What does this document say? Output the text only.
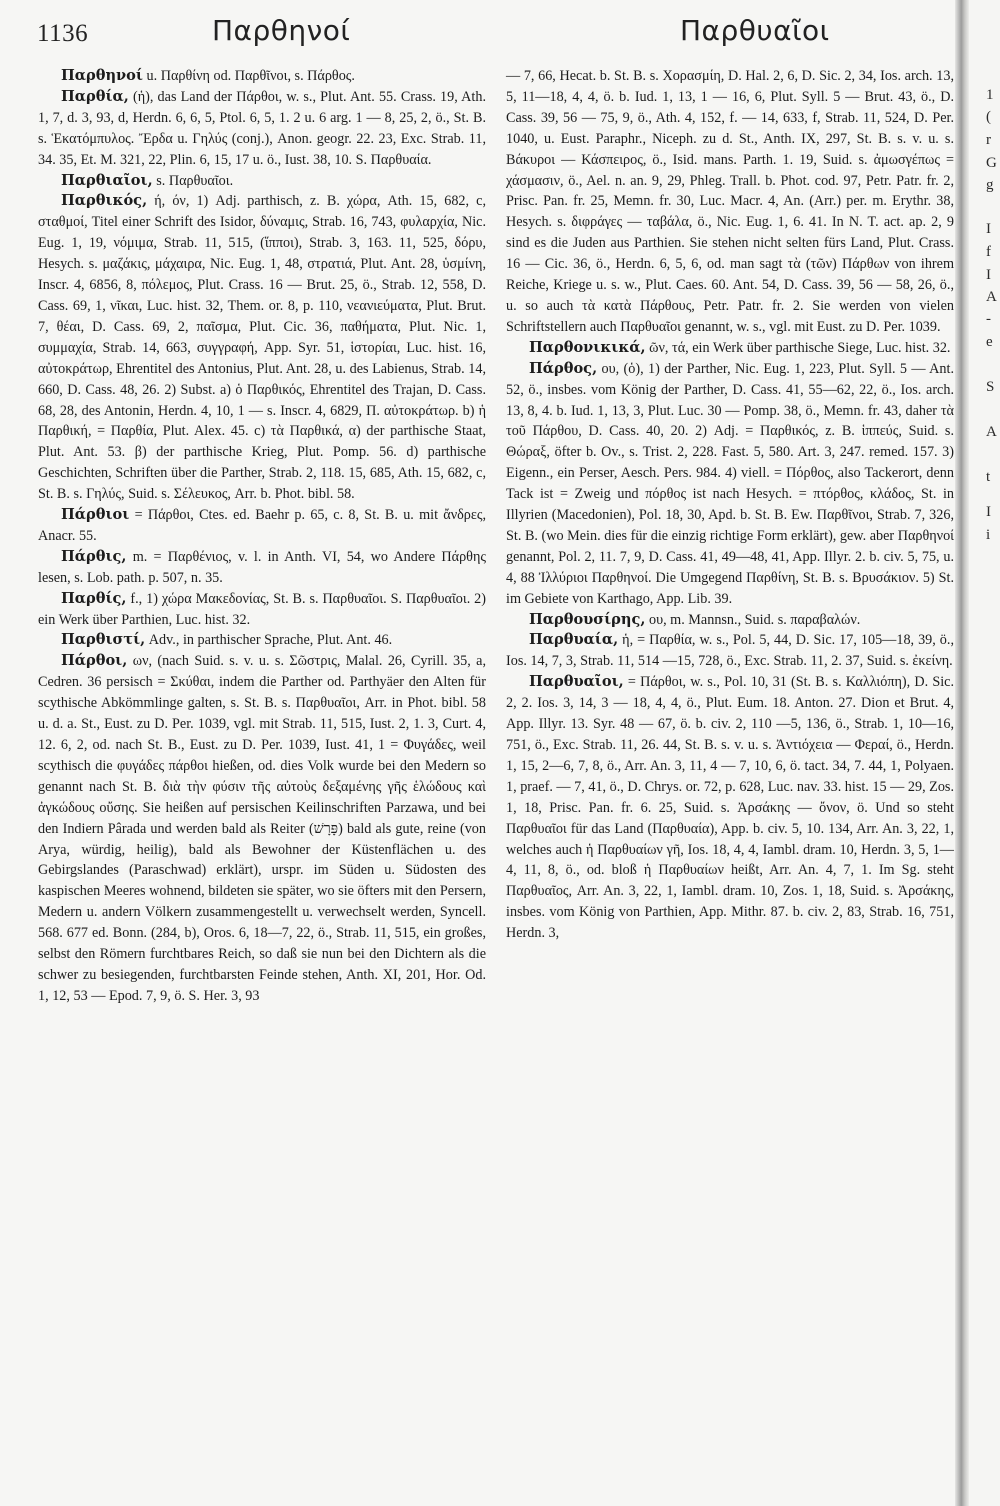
1136	Παρθηνοί	Παρθυαῖοι

Παρθηνοί u. Παρθίνη od. Παρθῖνοι, s. Πάρθος.

Παρθία, (ἡ), das Land der Πάρθοι, w. s., Plut. Ant. 55. Crass. 19, Ath. 1, 7, d. 3, 93, d, Herdn. 6, 6, 5, Ptol. 6, 5, 1. 2 u. 6 arg. 1 — 8, 25, 2, ö., St. B. s. Ἑκατόμπυλος. Ἔρδα u. Γηλύς (conj.), Anon. geogr. 22. 23, Exc. Strab. 11, 34. 35, Et. M. 321, 22, Plin. 6, 15, 17 u. ö., Iust. 38, 10. S. Παρθυαία.

Παρθιαῖοι, s. Παρθυαῖοι.

Παρθικός, ή, όν, 1) Adj. parthisch, z. B. χώρα, Ath. 15, 682, c, σταθμοί, Titel einer Schrift des Isidor, δύναμις, Strab. 16, 743, φυλαρχία, Nic. Eug. 1, 19, νόμιμα, Strab. 11, 515, (ἵπποι), Strab. 3, 163. 11, 525, δόρυ, Hesych. s. μαζάκις, μάχαιρα, Nic. Eug. 1, 48, στρατιά, Plut. Ant. 28, ὑσμίνη, Inscr. 4, 6856, 8, πόλεμος, Plut. Crass. 16 — Brut. 25, ö., Strab. 12, 558, D. Cass. 69, 1, νῖκαι, Luc. hist. 32, Them. or. 8, p. 110, νεανιεύματα, Plut. Brut. 7, θέαι, D. Cass. 69, 2, παῖσμα, Plut. Cic. 36, παθήματα, Plut. Nic. 1, συμμαχία, Strab. 14, 663, συγγραφή, App. Syr. 51, ἱστορίαι, Luc. hist. 16, αὐτοκράτωρ, Ehrentitel des Antonius, Plut. Ant. 28, u. des Labienus, Strab. 14, 660, D. Cass. 48, 26. 2) Subst. a) ὁ Παρθικός, Ehrentitel des Trajan, D. Cass. 68, 28, des Antonin, Herdn. 4, 10, 1 — s. Inscr. 4, 6829, Π. αὐτοκράτωρ. b) ἡ Παρθική, = Παρθία, Plut. Alex. 45. c) τὰ Παρθικά, α) der parthische Staat, Plut. Ant. 53. β) der parthische Krieg, Plut. Pomp. 56. d) parthische Geschichten, Schriften über die Parther, Strab. 2, 118. 15, 685, Ath. 15, 682, c, St. B. s. Γηλύς, Suid. s. Σέλευκος, Arr. b. Phot. bibl. 58.

Πάρθιοι = Πάρθοι, Ctes. ed. Baehr p. 65, c. 8, St. B. u. mit ἄνδρες, Anacr. 55.

Πάρθις, m. = Παρθένιος, v. l. in Anth. VI, 54, wo Andere Πάρθης lesen, s. Lob. path. p. 507, n. 35.

Παρθίς, f., 1) χώρα Μακεδονίας, St. B. s. Παρθυαῖοι. S. Παρθυαῖοι. 2) ein Werk über Parthien, Luc. hist. 32.

Παρθιστί, Adv., in parthischer Sprache, Plut. Ant. 46.

Πάρθοι, ων, (nach Suid. s. v. u. s. Σῶστρις, Malal. 26, Cyrill. 35, a, Cedren. 36 persisch = Σκύθαι, indem die Parther od. Parthyäer den Alten für scythische Abkömmlinge galten, s. St. B. s. Παρθυαῖοι, Arr. in Phot. bibl. 58 u. d. a. St., Eust. zu D. Per. 1039, vgl. mit Strab. 11, 515, Iust. 2, 1. 3, Curt. 4, 12. 6, 2, od. nach St. B., Eust. zu D. Per. 1039, Iust. 41, 1 = Φυγάδες, weil scythisch die φυγάδες πάρθοι hießen, od. dies Volk wurde bei den Medern so genannt nach St. B. διὰ τὴν φύσιν τῆς αὐτοὺς δεξαμένης γῆς ἑλώδους καὶ ἀγκώδους οὔσης. Sie heißen auf persischen Keilinschriften Parzawa, und bei den Indiern Pârada und werden bald als Reiter (פָּרָשׁ) bald als gute, reine (von Arya, würdig, heilig), bald als Bewohner der Küstenflächen u. des Gebirgslandes (Paraschwad) erklärt), urspr. im Süden u. Südosten des kaspischen Meeres wohnend, bildeten sie später, wo sie öfters mit den Persern, Medern u. andern Völkern zusammengestellt u. verwechselt werden, Syncell. 568. 677 ed. Bonn. (284, b), Oros. 6, 18—7, 22, ö., Strab. 11, 515, ein großes, selbst den Römern furchtbares Reich, so daß sie nun bei den Dichtern als die schwer zu besiegenden, furchtbarsten Feinde stehen, Anth. XI, 201, Hor. Od. 1, 12, 53 — Epod. 7, 9, ö. S. Her. 3, 93

— 7, 66, Hecat. b. St. B. s. Χορασμίη, D. Hal. 2, 6, D. Sic. 2, 34, Ios. arch. 13, 5, 11—18, 4, 4, ö. b. Iud. 1, 13, 1 — 16, 6, Plut. Syll. 5 — Brut. 43, ö., D. Cass. 39, 56 — 75, 9, ö., Ath. 4, 152, f. — 14, 633, f, Strab. 11, 524, D. Per. 1040, u. Eust. Paraphr., Niceph. zu d. St., Anth. IX, 297, St. B. s. v. u. s. Βάκυροι — Κάσπειρος, ö., Isid. mans. Parth. 1. 19, Suid. s. ἀμωσγέπως = χάσμασιν, ö., Ael. n. an. 9, 29, Phleg. Trall. b. Phot. cod. 97, Petr. Patr. fr. 2, Prisc. Pan. fr. 25, Memn. fr. 30, Luc. Macr. 4, An. (Arr.) per. m. Erythr. 38, Hesych. s. διφράγες — ταβάλα, ö., Nic. Eug. 1, 6. 41. In N. T. act. ap. 2, 9 sind es die Juden aus Parthien. Sie stehen nicht selten fürs Land, Plut. Crass. 16 — Cic. 36, ö., Herdn. 6, 5, 6, od. man sagt τὰ (τῶν) Πάρθων von ihrem Reiche, Kriege u. s. w., Plut. Caes. 60. Ant. 54, D. Cass. 39, 56 — 58, 26, ö., u. so auch τὰ κατὰ Πάρθους, Petr. Patr. fr. 2. Sie werden von vielen Schriftstellern auch Παρθυαῖοι genannt, w. s., vgl. mit Eust. zu D. Per. 1039.

Παρθονικικά, ῶν, τά, ein Werk über parthische Siege, Luc. hist. 32.

Πάρθος, ου, (ὁ), 1) der Parther, Nic. Eug. 1, 223, Plut. Syll. 5 — Ant. 52, ö., insbes. vom König der Parther, D. Cass. 41, 55—62, 22, ö., Ios. arch. 13, 8, 4. b. Iud. 1, 13, 3, Plut. Luc. 30 — Pomp. 38, ö., Memn. fr. 43, daher τὰ τοῦ Πάρθου, D. Cass. 40, 20. 2) Adj. = Παρθικός, z. B. ἱππεύς, Suid. s. Θώραξ, öfter b. Ov., s. Trist. 2, 228. Fast. 5, 580. Art. 3, 247. remed. 157. 3) Eigenn., ein Perser, Aesch. Pers. 984. 4) viell. = Πόρθος, also Tackerort, denn Tack ist = Zweig und πόρθος ist nach Hesych. = πτόρθος, κλάδος, St. in Illyrien (Macedonien), Pol. 18, 30, Apd. b. St. B. Ew. Παρθῖνοι, Strab. 7, 326, St. B. (wo Mein. dies für die einzig richtige Form erklärt), gew. aber Παρθηνοί genannt, Pol. 2, 11. 7, 9, D. Cass. 41, 49—48, 41, App. Illyr. 2. b. civ. 5, 75, u. 4, 88 Ἰλλύριοι Παρθηνοί. Die Umgegend Παρθίνη, St. B. s. Βρυσάκιον. 5) St. im Gebiete von Karthago, App. Lib. 39.

Παρθουσίρης, ου, m. Mannsn., Suid. s. παραβαλών.

Παρθυαία, ἡ, = Παρθία, w. s., Pol. 5, 44, D. Sic. 17, 105—18, 39, ö., Ios. 14, 7, 3, Strab. 11, 514 —15, 728, ö., Exc. Strab. 11, 2. 37, Suid. s. ἐκείνη.

Παρθυαῖοι, = Πάρθοι, w. s., Pol. 10, 31 (St. B. s. Καλλιόπη), D. Sic. 2, 2. Ios. 3, 14, 3 — 18, 4, 4, ö., Plut. Eum. 18. Anton. 27. Dion et Brut. 4, App. Illyr. 13. Syr. 48 — 67, ö. b. civ. 2, 110 —5, 136, ö., Strab. 1, 10—16, 751, ö., Exc. Strab. 11, 26. 44, St. B. s. v. u. s. Ἀντιόχεια — Φεραί, ö., Herdn. 1, 15, 2—6, 7, 8, ö., Arr. An. 3, 11, 4 — 7, 10, 6, ö. tact. 34, 7. 44, 1, Polyaen. 1, praef. — 7, 41, ö., D. Chrys. or. 72, p. 628, Luc. nav. 33. hist. 15 — 29, Zos. 1, 18, Prisc. Pan. fr. 6. 25, Suid. s. Ἀρσάκης — ὄνον, ö. Und so steht Παρθυαῖοι für das Land (Παρθυαία), App. b. civ. 5, 10. 134, Arr. An. 3, 22, 1, welches auch ἡ Παρθυαίων γῆ, Ios. 18, 4, 4, Iambl. dram. 10, Herdn. 3, 5, 1—4, 11, 8, ö., od. bloß ἡ Παρθυαίων heißt, Arr. An. 4, 7, 1. Im Sg. steht Παρθυαῖος, Arr. An. 3, 22, 1, Iambl. dram. 10, Zos. 1, 18, Suid. s. Ἀρσάκης, insbes. vom König von Parthien, App. Mithr. 87. b. civ. 2, 83, Strab. 16, 751, Herdn. 3,

1
(
r
G
g
I
f
I
A
-
e
S
A
t
I
i
